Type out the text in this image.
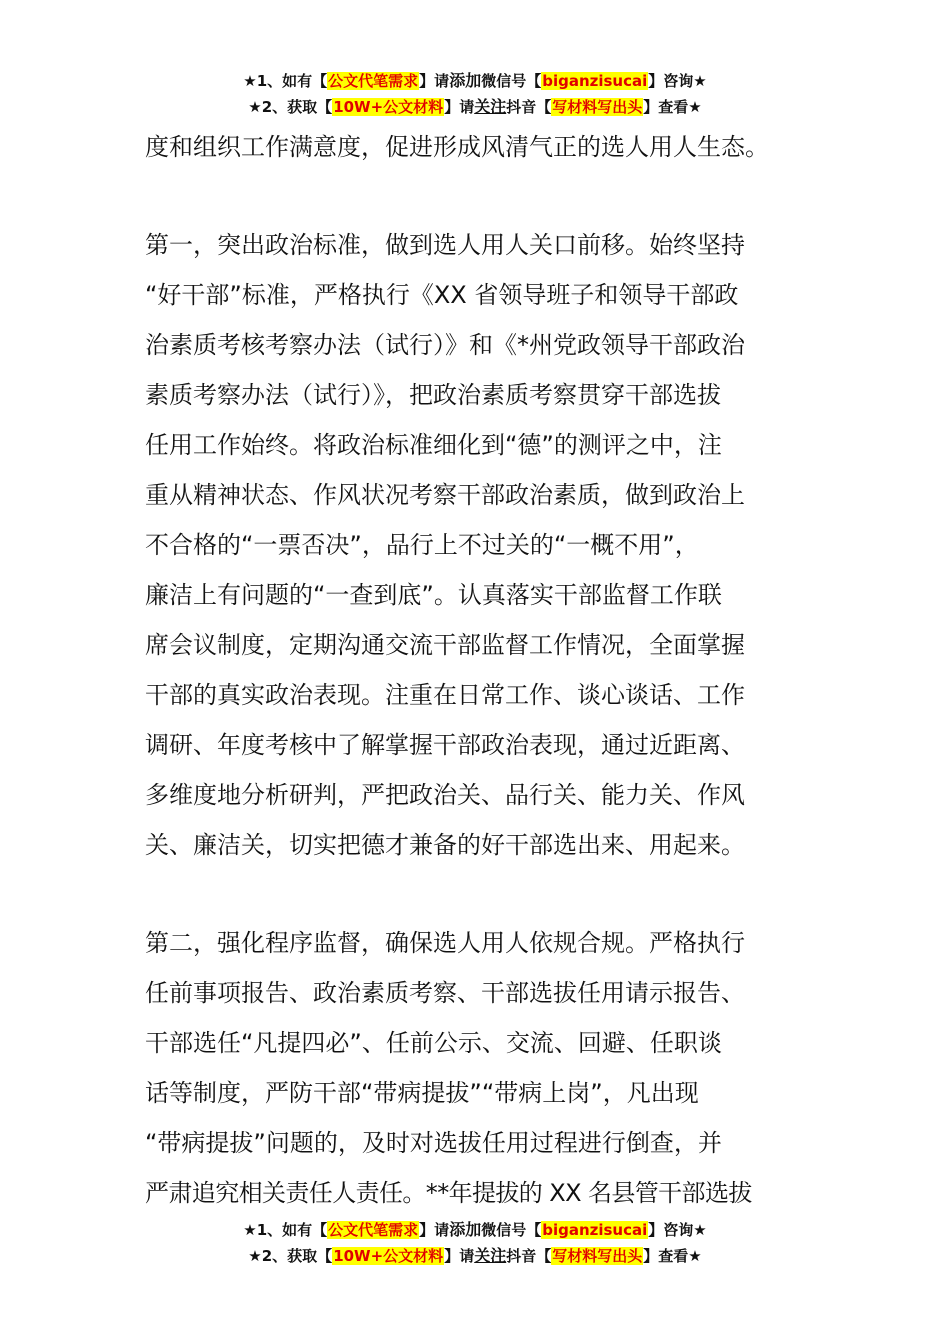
★1、如有【公文代笔需求】请添加微信号【biganzisucai】咨询★
★2、获取【10W+公文材料】请关注抖音【写材料写出头】查看★

度和组织工作满意度，促进形成风清气正的选人用人生态。

第一，突出政治标准，做到选人用人关口前移。始终坚持
“好干部”标准，严格执行《XX 省领导班子和领导干部政
治素质考核考察办法（试行）》和《*州党政领导干部政治
素质考察办法（试行）》，把政治素质考察贯穿干部选拔
任用工作始终。将政治标准细化到“德”的测评之中，注
重从精神状态、作风状况考察干部政治素质，做到政治上
不合格的“一票否决”，品行上不过关的“一概不用”，
廉洁上有问题的“一查到底”。认真落实干部监督工作联
席会议制度，定期沟通交流干部监督工作情况，全面掌握
干部的真实政治表现。注重在日常工作、谈心谈话、工作
调研、年度考核中了解掌握干部政治表现，通过近距离、
多维度地分析研判，严把政治关、品行关、能力关、作风
关、廉洁关，切实把德才兼备的好干部选出来、用起来。

第二，强化程序监督，确保选人用人依规合规。严格执行
任前事项报告、政治素质考察、干部选拔任用请示报告、
干部选任“凡提四必”、任前公示、交流、回避、任职谈
话等制度，严防干部“带病提拔”“带病上岗”，凡出现
“带病提拔”问题的，及时对选拔任用过程进行倒查，并
严肃追究相关责任人责任。**年提拔的 XX 名县管干部选拔

★1、如有【公文代笔需求】请添加微信号【biganzisucai】咨询★
★2、获取【10W+公文材料】请关注抖音【写材料写出头】查看★
